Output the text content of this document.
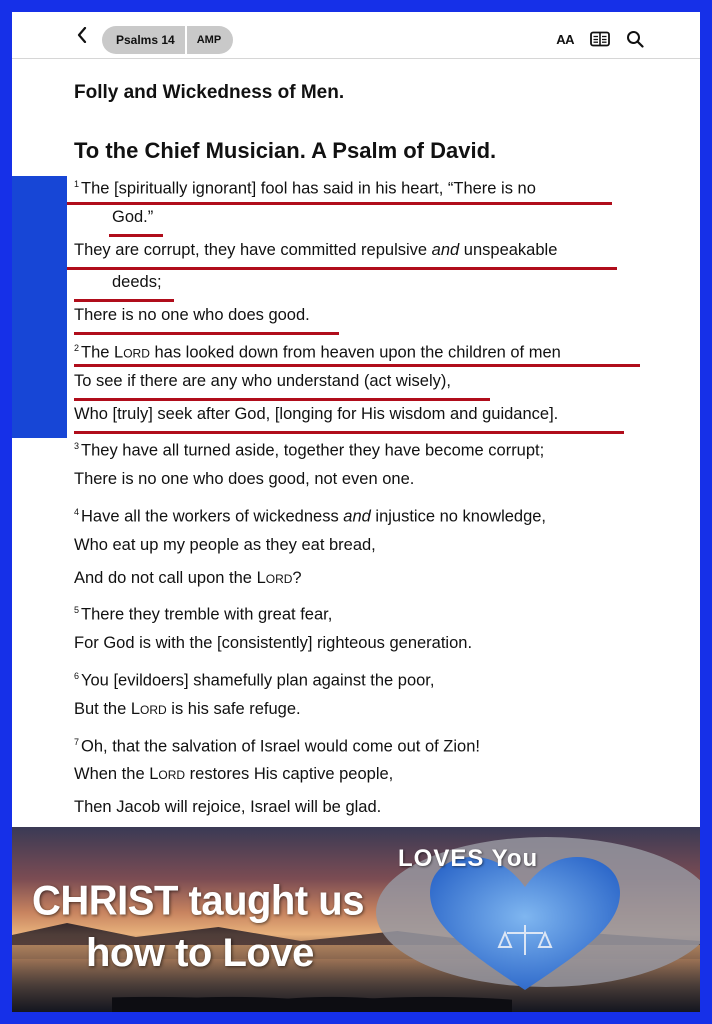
Psalms 14	AMP	AA
Folly and Wickedness of Men.
To the Chief Musician. A Psalm of David.
$^1$ The [spiritually ignorant] fool has said in his heart, “There is no
God.”
They are corrupt, they have committed repulsive and unspeakable
deeds;
There is no one who does good.
$^2$ The Lord has looked down from heaven upon the children of men
To see if there are any who understand (act wisely),
Who [truly] seek after God, [longing for His wisdom and guidance].
$^3$ They have all turned aside, together they have become corrupt;
There is no one who does good, not even one.
$^4$ Have all the workers of wickedness and injustice no knowledge,
Who eat up my people as they eat bread,
And do not call upon the Lord?
$^5$ There they tremble with great fear,
For God is with the [consistently] righteous generation.
$^6$ You [evildoers] shamefully plan against the poor,
But the Lord is his safe refuge.
$^7$ Oh, that the salvation of Israel would come out of Zion!
When the Lord restores His captive people,
Then Jacob will rejoice, Israel will be glad.
LOVES You
CHRIST taught us
how to Love
